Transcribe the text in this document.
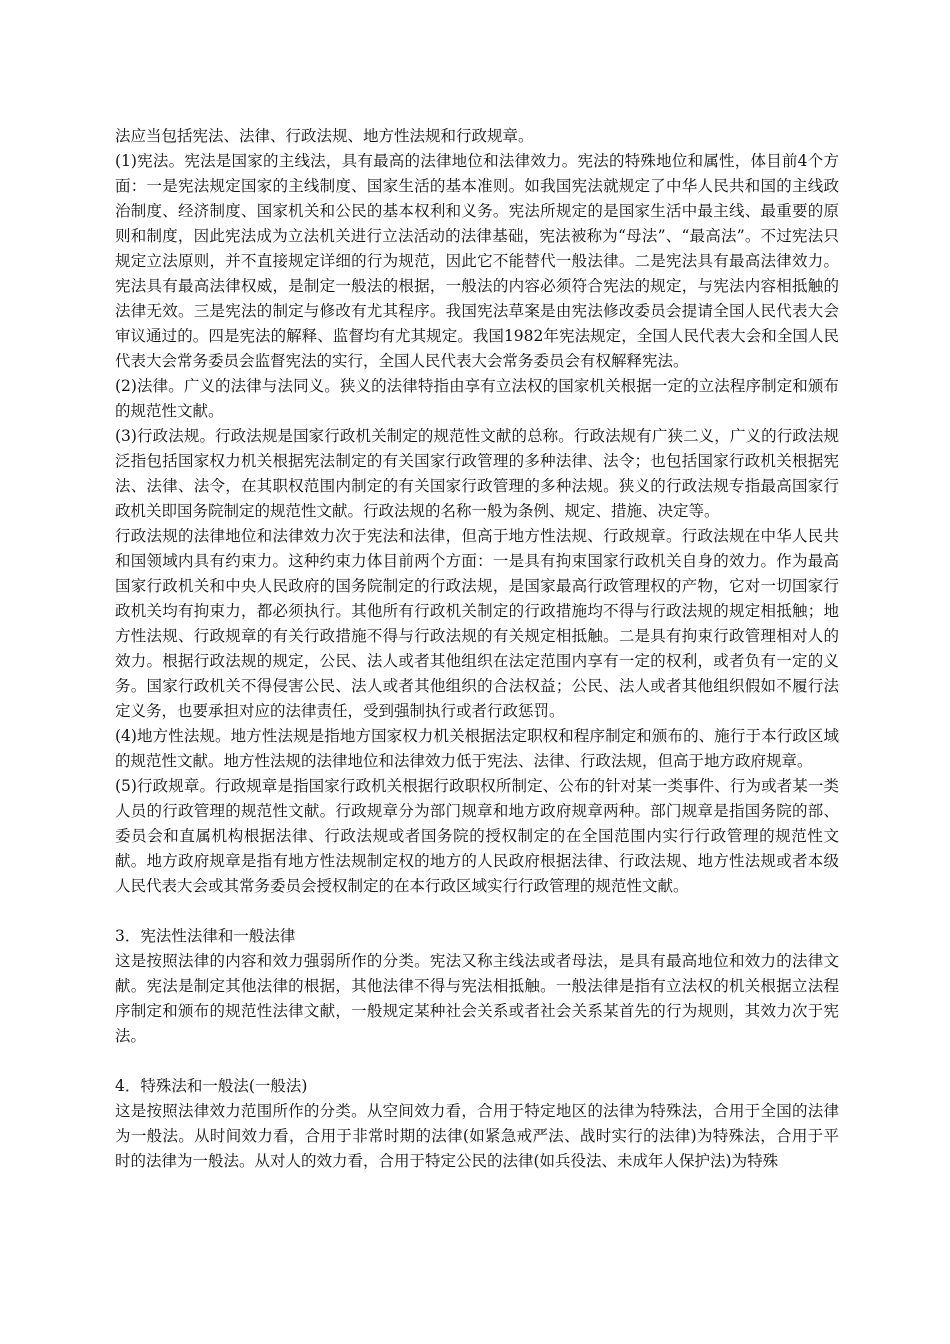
法应当包括宪法、法律、行政法规、地方性法规和行政规章。

(1)宪法。宪法是国家的主线法，具有最高的法律地位和法律效力。宪法的特殊地位和属性，体目前4个方面：一是宪法规定国家的主线制度、国家生活的基本准则。如我国宪法就规定了中华人民共和国的主线政治制度、经济制度、国家机关和公民的基本权利和义务。宪法所规定的是国家生活中最主线、最重要的原则和制度，因此宪法成为立法机关进行立法活动的法律基础，宪法被称为“母法”、“最高法”。不过宪法只规定立法原则，并不直接规定详细的行为规范，因此它不能替代一般法律。二是宪法具有最高法律效力。宪法具有最高法律权威，是制定一般法的根据，一般法的内容必须符合宪法的规定，与宪法内容相抵触的法律无效。三是宪法的制定与修改有尤其程序。我国宪法草案是由宪法修改委员会提请全国人民代表大会审议通过的。四是宪法的解释、监督均有尤其规定。我国1982年宪法规定，全国人民代表大会和全国人民代表大会常务委员会监督宪法的实行，全国人民代表大会常务委员会有权解释宪法。

(2)法律。广义的法律与法同义。狭义的法律特指由享有立法权的国家机关根据一定的立法程序制定和颁布的规范性文献。

(3)行政法规。行政法规是国家行政机关制定的规范性文献的总称。行政法规有广狭二义，广义的行政法规泛指包括国家权力机关根据宪法制定的有关国家行政管理的多种法律、法令；也包括国家行政机关根据宪法、法律、法令，在其职权范围内制定的有关国家行政管理的多种法规。狭义的行政法规专指最高国家行政机关即国务院制定的规范性文献。行政法规的名称一般为条例、规定、措施、决定等。

行政法规的法律地位和法律效力次于宪法和法律，但高于地方性法规、行政规章。行政法规在中华人民共和国领域内具有约束力。这种约束力体目前两个方面：一是具有拘束国家行政机关自身的效力。作为最高国家行政机关和中央人民政府的国务院制定的行政法规，是国家最高行政管理权的产物，它对一切国家行政机关均有拘束力，都必须执行。其他所有行政机关制定的行政措施均不得与行政法规的规定相抵触；地方性法规、行政规章的有关行政措施不得与行政法规的有关规定相抵触。二是具有拘束行政管理相对人的效力。根据行政法规的规定，公民、法人或者其他组织在法定范围内享有一定的权利，或者负有一定的义务。国家行政机关不得侵害公民、法人或者其他组织的合法权益；公民、法人或者其他组织假如不履行法定义务，也要承担对应的法律责任，受到强制执行或者行政惩罚。

(4)地方性法规。地方性法规是指地方国家权力机关根据法定职权和程序制定和颁布的、施行于本行政区域的规范性文献。地方性法规的法律地位和法律效力低于宪法、法律、行政法规，但高于地方政府规章。

(5)行政规章。行政规章是指国家行政机关根据行政职权所制定、公布的针对某一类事件、行为或者某一类人员的行政管理的规范性文献。行政规章分为部门规章和地方政府规章两种。部门规章是指国务院的部、委员会和直属机构根据法律、行政法规或者国务院的授权制定的在全国范围内实行行政管理的规范性文献。地方政府规章是指有地方性法规制定权的地方的人民政府根据法律、行政法规、地方性法规或者本级人民代表大会或其常务委员会授权制定的在本行政区域实行行政管理的规范性文献。

3．宪法性法律和一般法律

这是按照法律的内容和效力强弱所作的分类。宪法又称主线法或者母法，是具有最高地位和效力的法律文献。宪法是制定其他法律的根据，其他法律不得与宪法相抵触。一般法律是指有立法权的机关根据立法程序制定和颁布的规范性法律文献，一般规定某种社会关系或者社会关系某首先的行为规则，其效力次于宪法。

4．特殊法和一般法(一般法)

这是按照法律效力范围所作的分类。从空间效力看，合用于特定地区的法律为特殊法，合用于全国的法律为一般法。从时间效力看，合用于非常时期的法律(如紧急戒严法、战时实行的法律)为特殊法，合用于平时的法律为一般法。从对人的效力看，合用于特定公民的法律(如兵役法、未成年人保护法)为特殊
